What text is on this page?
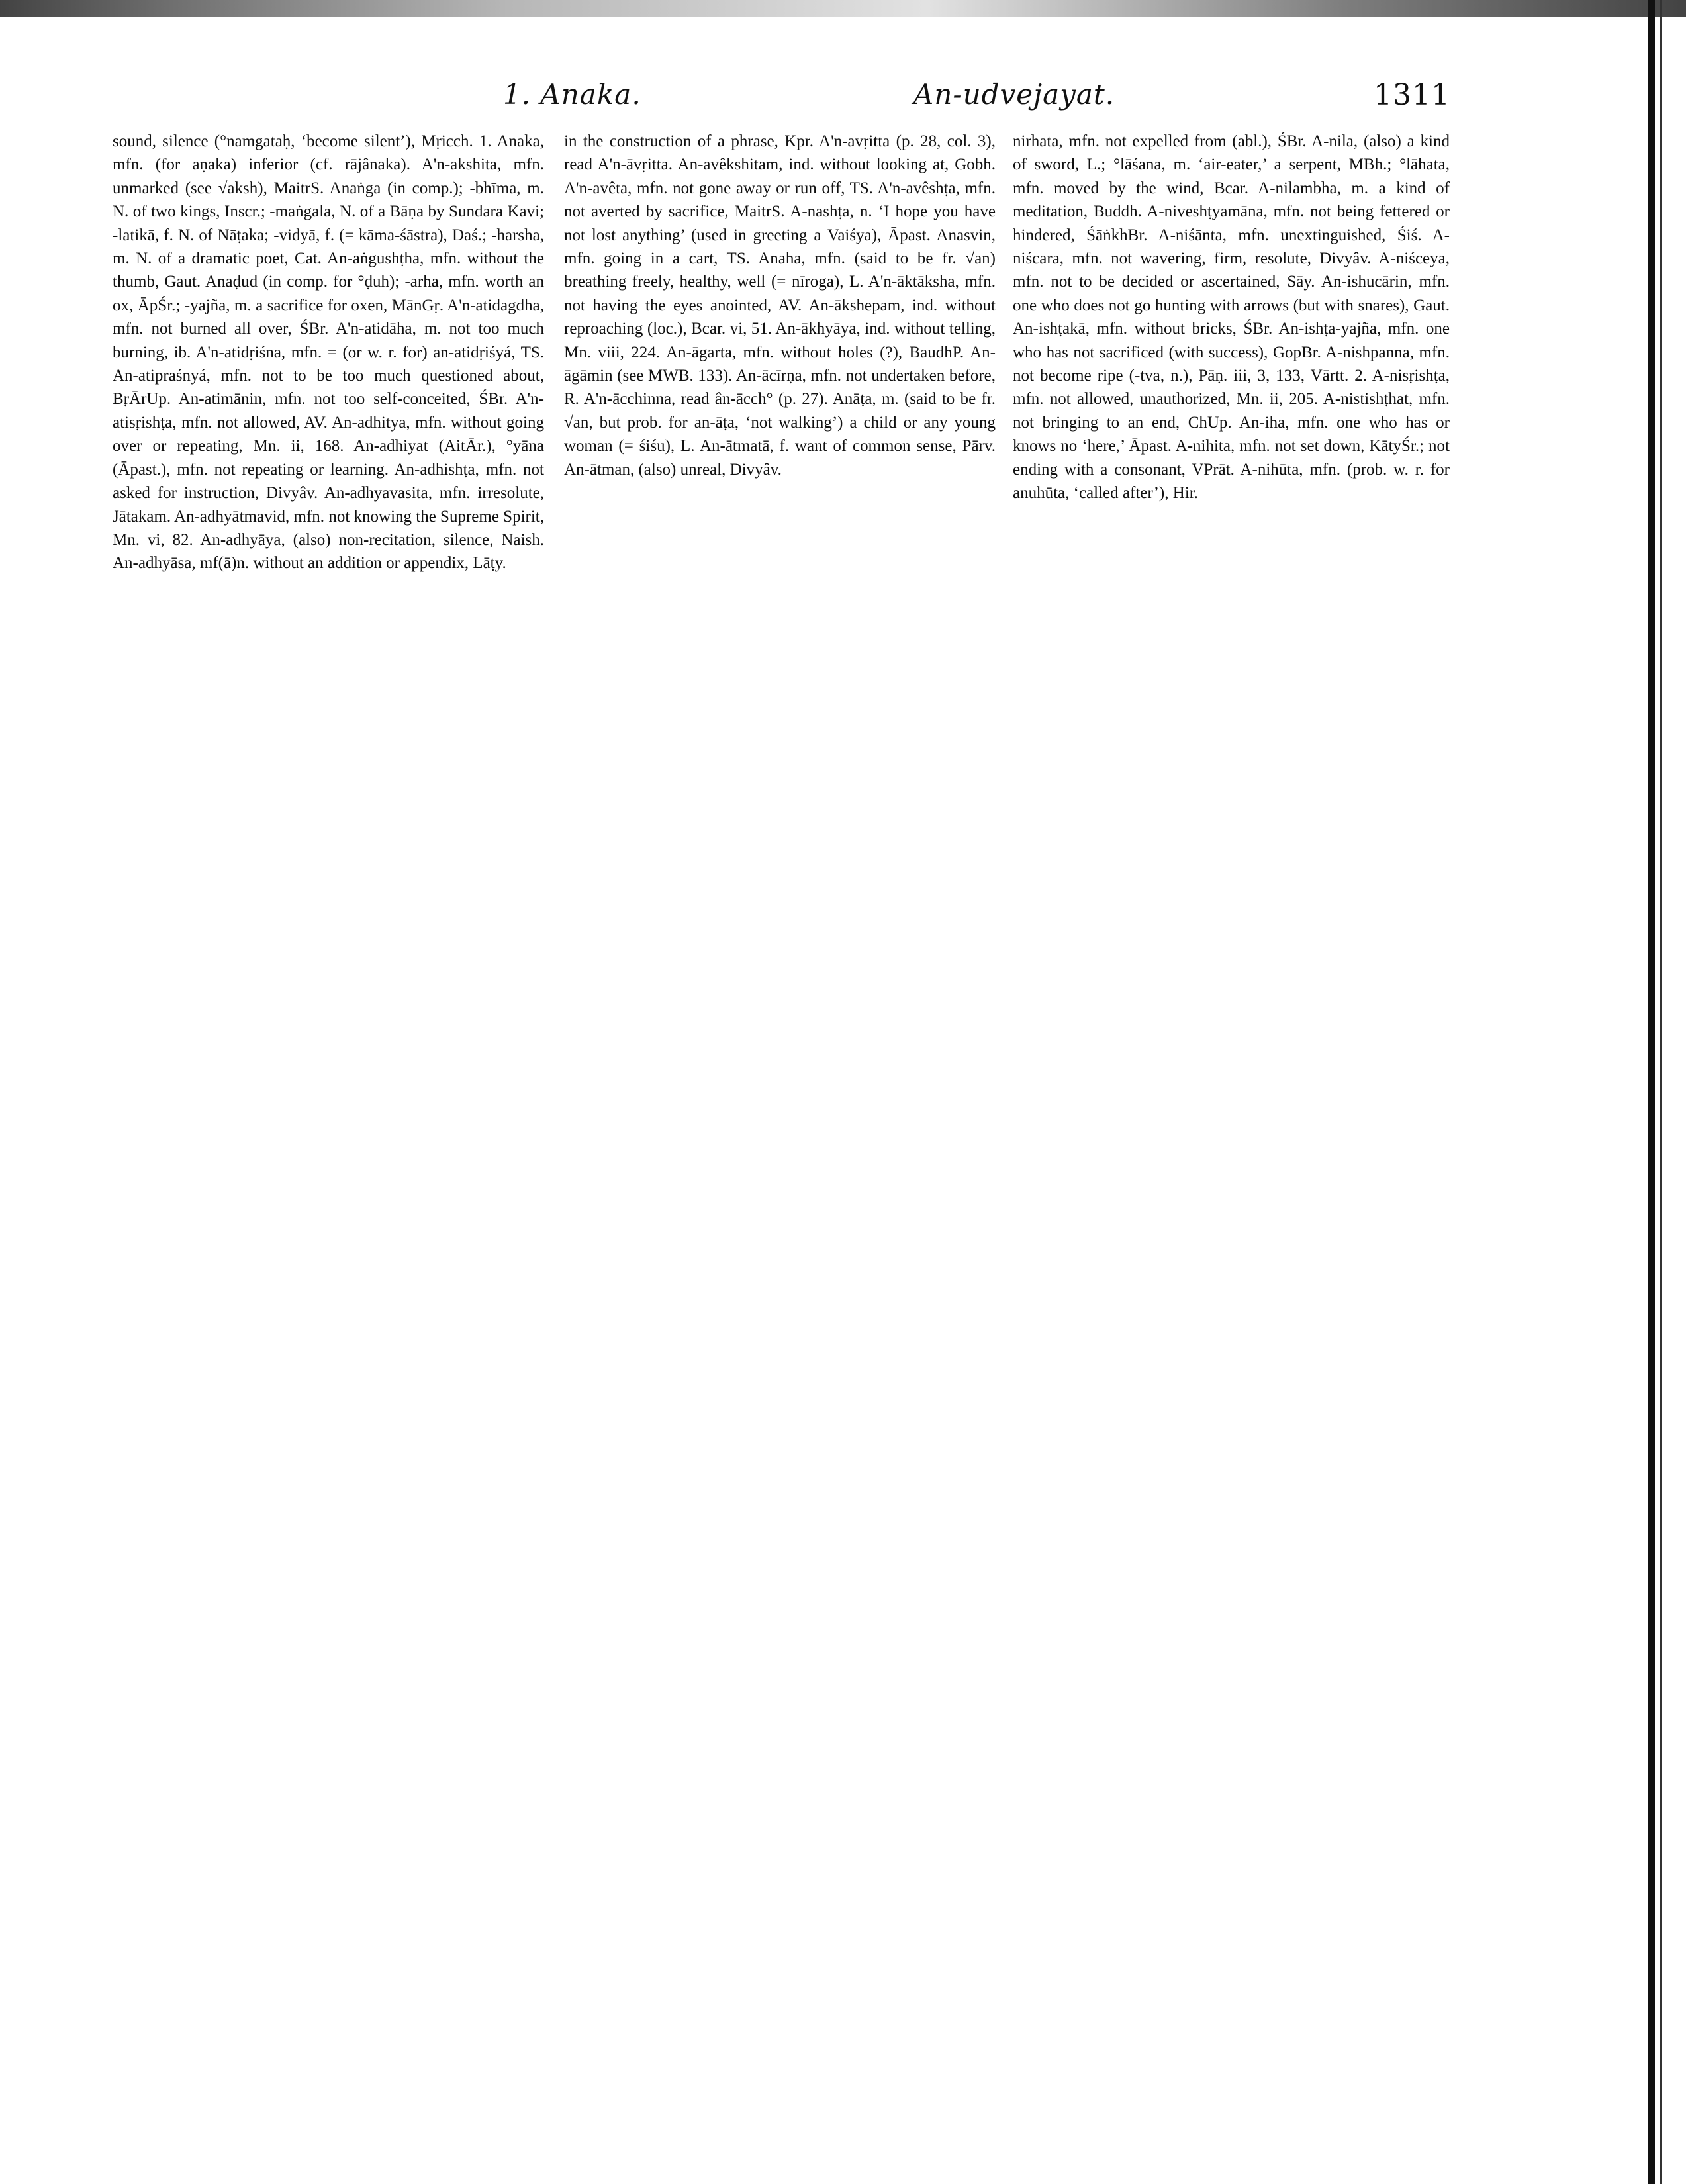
1. Anaka.	An-udvejayat.	1311

sound, silence (°namgataḥ, ‘become silent’), Mṛicch. 1. Anaka, mfn. (for aṇaka) inferior (cf. rājânaka). A'n-akshita, mfn. unmarked (see √aksh), MaitrS. Anaṅga (in comp.); -bhīma, m. N. of two kings, Inscr.; -maṅgala, N. of a Bāṇa by Sundara Kavi; -latikā, f. N. of Nāṭaka; -vidyā, f. (= kāma-śāstra), Daś.; -harsha, m. N. of a dramatic poet, Cat. An-aṅgushṭha, mfn. without the thumb, Gaut. Anaḍud (in comp. for °ḍuh); -arha, mfn. worth an ox, ĀpŚr.; -yajña, m. a sacrifice for oxen, MānGṛ. A'n-atidagdha, mfn. not burned all over, ŚBr. A'n-atidāha, m. not too much burning, ib. A'n-atidṛiśna, mfn. = (or w. r. for) an-atidṛiśyá, TS. An-atipraśnyá, mfn. not to be too much questioned about, BṛĀrUp. An-atimānin, mfn. not too self-conceited, ŚBr. A'n-atisṛishṭa, mfn. not allowed, AV. An-adhitya, mfn. without going over or repeating, Mn. ii, 168. An-adhiyat (AitĀr.), °yāna (Āpast.), mfn. not repeating or learning. An-adhishṭa, mfn. not asked for instruction, Divyâv. An-adhyavasita, mfn. irresolute, Jātakam. An-adhyātmavid, mfn. not knowing the Supreme Spirit, Mn. vi, 82. An-adhyāya, (also) non-recitation, silence, Naish. An-adhyāsa, mf(ā)n. without an addition or appendix, Lāṭy.

in the construction of a phrase, Kpr. A'n-avṛitta (p. 28, col. 3), read A'n-āvṛitta. An-avêkshitam, ind. without looking at, Gobh. A'n-avêta, mfn. not gone away or run off, TS. A'n-avêshṭa, mfn. not averted by sacrifice, MaitrS. A-nashṭa, n. ‘I hope you have not lost anything’ (used in greeting a Vaiśya), Āpast. Anasvin, mfn. going in a cart, TS. Anaha, mfn. (said to be fr. √an) breathing freely, healthy, well (= nīroga), L. A'n-āktāksha, mfn. not having the eyes anointed, AV. An-ākshepam, ind. without reproaching (loc.), Bcar. vi, 51. An-ākhyāya, ind. without telling, Mn. viii, 224. An-āgarta, mfn. without holes (?), BaudhP. An-āgāmin (see MWB. 133). An-ācīrṇa, mfn. not undertaken before, R. A'n-ācchinna, read ân-ācch° (p. 27). Anāṭa, m. (said to be fr. √an, but prob. for an-āṭa, ‘not walking’) a child or any young woman (= śiśu), L. An-ātmatā, f. want of common sense, Pārv. An-ātman, (also) unreal, Divyâv.

nirhata, mfn. not expelled from (abl.), ŚBr. A-nila, (also) a kind of sword, L.; °lāśana, m. ‘air-eater,’ a serpent, MBh.; °lāhata, mfn. moved by the wind, Bcar. A-nilambha, m. a kind of meditation, Buddh. A-niveshṭyamāna, mfn. not being fettered or hindered, ŚāṅkhBr. A-niśānta, mfn. unextinguished, Śiś. A-niścara, mfn. not wavering, firm, resolute, Divyâv. A-niśceya, mfn. not to be decided or ascertained, Sāy. An-ishucārin, mfn. one who does not go hunting with arrows (but with snares), Gaut. An-ishṭakā, mfn. without bricks, ŚBr. An-ishṭa-yajña, mfn. one who has not sacrificed (with success), GopBr. A-nishpanna, mfn. not become ripe (-tva, n.), Pāṇ. iii, 3, 133, Vārtt. 2. A-nisṛishṭa, mfn. not allowed, unauthorized, Mn. ii, 205. A-nistishṭhat, mfn. not bringing to an end, ChUp. An-iha, mfn. one who has or knows no ‘here,’ Āpast. A-nihita, mfn. not set down, KātyŚr.; not ending with a consonant, VPrāt. A-nihūta, mfn. (prob. w. r. for anuhūta, ‘called after’), Hir.
